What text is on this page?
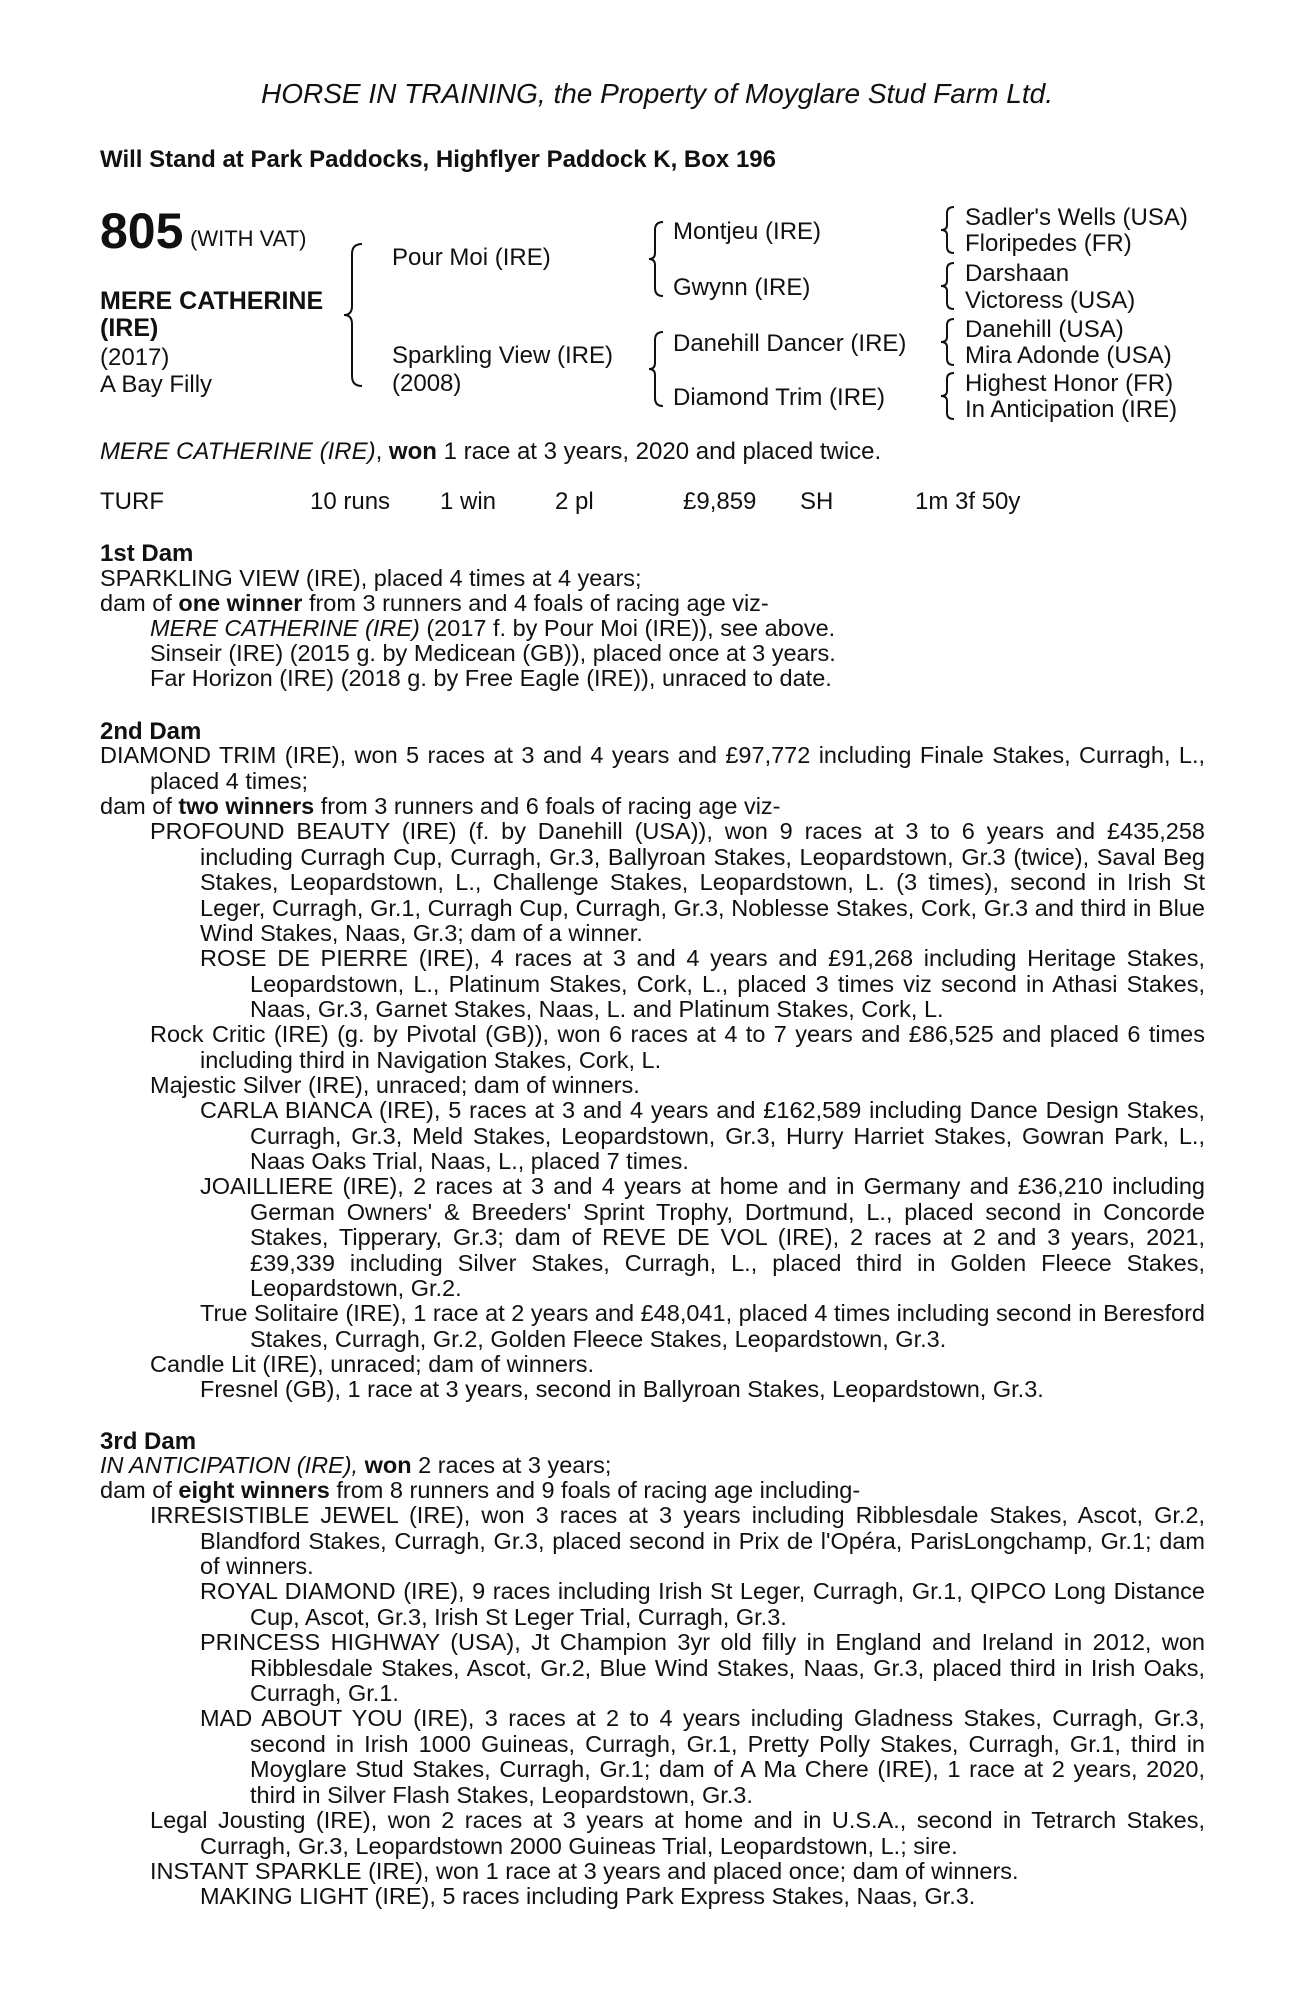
HORSE IN TRAINING, the Property of Moyglare Stud Farm Ltd.
Will Stand at Park Paddocks, Highflyer Paddock K, Box 196
805 (WITH VAT)
MERE CATHERINE
(IRE)
(2017)
A Bay Filly
Pour Moi (IRE)
Sparkling View (IRE)
(2008)
Montjeu (IRE)
Gwynn (IRE)
Danehill Dancer (IRE)
Diamond Trim (IRE)
Sadler's Wells (USA)
Floripedes (FR)
Darshaan
Victoress (USA)
Danehill (USA)
Mira Adonde (USA)
Highest Honor (FR)
In Anticipation (IRE)
MERE CATHERINE (IRE), won 1 race at 3 years, 2020 and placed twice.
TURF	10 runs 1 win 2 pl	£9,859 SH	1m 3f 50y
1st Dam
SPARKLING VIEW (IRE), placed 4 times at 4 years;
dam of one winner from 3 runners and 4 foals of racing age viz-
MERE CATHERINE (IRE) (2017 f. by Pour Moi (IRE)), see above.
Sinseir (IRE) (2015 g. by Medicean (GB)), placed once at 3 years.
Far Horizon (IRE) (2018 g. by Free Eagle (IRE)), unraced to date.
2nd Dam
DIAMOND TRIM (IRE), won 5 races at 3 and 4 years and £97,772 including Finale Stakes, Curragh, L., placed 4 times;
dam of two winners from 3 runners and 6 foals of racing age viz-
PROFOUND BEAUTY (IRE) (f. by Danehill (USA)), won 9 races at 3 to 6 years and £435,258 including Curragh Cup, Curragh, Gr.3, Ballyroan Stakes, Leopardstown, Gr.3 (twice), Saval Beg Stakes, Leopardstown, L., Challenge Stakes, Leopardstown, L. (3 times), second in Irish St Leger, Curragh, Gr.1, Curragh Cup, Curragh, Gr.3, Noblesse Stakes, Cork, Gr.3 and third in Blue Wind Stakes, Naas, Gr.3; dam of a winner.
ROSE DE PIERRE (IRE), 4 races at 3 and 4 years and £91,268 including Heritage Stakes, Leopardstown, L., Platinum Stakes, Cork, L., placed 3 times viz second in Athasi Stakes, Naas, Gr.3, Garnet Stakes, Naas, L. and Platinum Stakes, Cork, L.
Rock Critic (IRE) (g. by Pivotal (GB)), won 6 races at 4 to 7 years and £86,525 and placed 6 times including third in Navigation Stakes, Cork, L.
Majestic Silver (IRE), unraced; dam of winners.
CARLA BIANCA (IRE), 5 races at 3 and 4 years and £162,589 including Dance Design Stakes, Curragh, Gr.3, Meld Stakes, Leopardstown, Gr.3, Hurry Harriet Stakes, Gowran Park, L., Naas Oaks Trial, Naas, L., placed 7 times.
JOAILLIERE (IRE), 2 races at 3 and 4 years at home and in Germany and £36,210 including German Owners' & Breeders' Sprint Trophy, Dortmund, L., placed second in Concorde Stakes, Tipperary, Gr.3; dam of REVE DE VOL (IRE), 2 races at 2 and 3 years, 2021, £39,339 including Silver Stakes, Curragh, L., placed third in Golden Fleece Stakes, Leopardstown, Gr.2.
True Solitaire (IRE), 1 race at 2 years and £48,041, placed 4 times including second in Beresford Stakes, Curragh, Gr.2, Golden Fleece Stakes, Leopardstown, Gr.3.
Candle Lit (IRE), unraced; dam of winners.
Fresnel (GB), 1 race at 3 years, second in Ballyroan Stakes, Leopardstown, Gr.3.
3rd Dam
IN ANTICIPATION (IRE), won 2 races at 3 years;
dam of eight winners from 8 runners and 9 foals of racing age including-
IRRESISTIBLE JEWEL (IRE), won 3 races at 3 years including Ribblesdale Stakes, Ascot, Gr.2, Blandford Stakes, Curragh, Gr.3, placed second in Prix de l'Opéra, ParisLongchamp, Gr.1; dam of winners.
ROYAL DIAMOND (IRE), 9 races including Irish St Leger, Curragh, Gr.1, QIPCO Long Distance Cup, Ascot, Gr.3, Irish St Leger Trial, Curragh, Gr.3.
PRINCESS HIGHWAY (USA), Jt Champion 3yr old filly in England and Ireland in 2012, won Ribblesdale Stakes, Ascot, Gr.2, Blue Wind Stakes, Naas, Gr.3, placed third in Irish Oaks, Curragh, Gr.1.
MAD ABOUT YOU (IRE), 3 races at 2 to 4 years including Gladness Stakes, Curragh, Gr.3, second in Irish 1000 Guineas, Curragh, Gr.1, Pretty Polly Stakes, Curragh, Gr.1, third in Moyglare Stud Stakes, Curragh, Gr.1; dam of A Ma Chere (IRE), 1 race at 2 years, 2020, third in Silver Flash Stakes, Leopardstown, Gr.3.
Legal Jousting (IRE), won 2 races at 3 years at home and in U.S.A., second in Tetrarch Stakes, Curragh, Gr.3, Leopardstown 2000 Guineas Trial, Leopardstown, L.; sire.
INSTANT SPARKLE (IRE), won 1 race at 3 years and placed once; dam of winners.
MAKING LIGHT (IRE), 5 races including Park Express Stakes, Naas, Gr.3.
